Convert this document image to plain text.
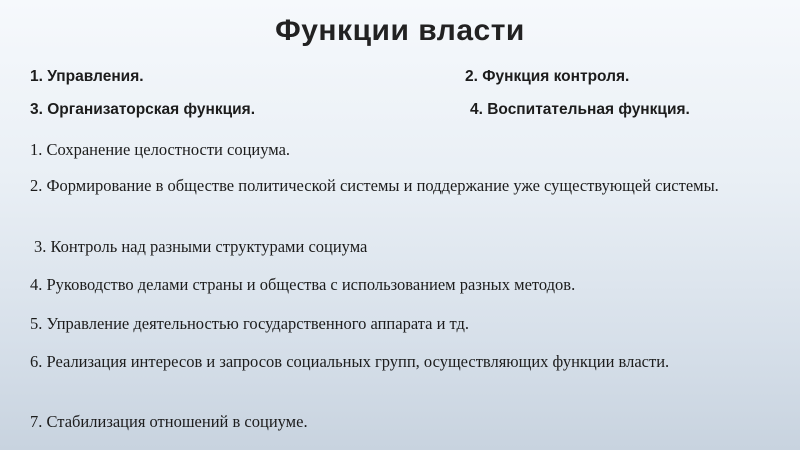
Функции власти
1. Управления.	2. Функция контроля.
3. Организаторская функция.	4. Воспитательная функция.
1. Сохранение целостности социума.
2. Формирование в обществе политической системы и поддержание уже существующей системы.
3. Контроль над разными структурами социума
4. Руководство делами страны и общества с использованием разных методов.
5. Управление деятельностью государственного аппарата и тд.
6. Реализация интересов и запросов социальных групп, осуществляющих функции власти.
7. Стабилизация отношений в социуме.
